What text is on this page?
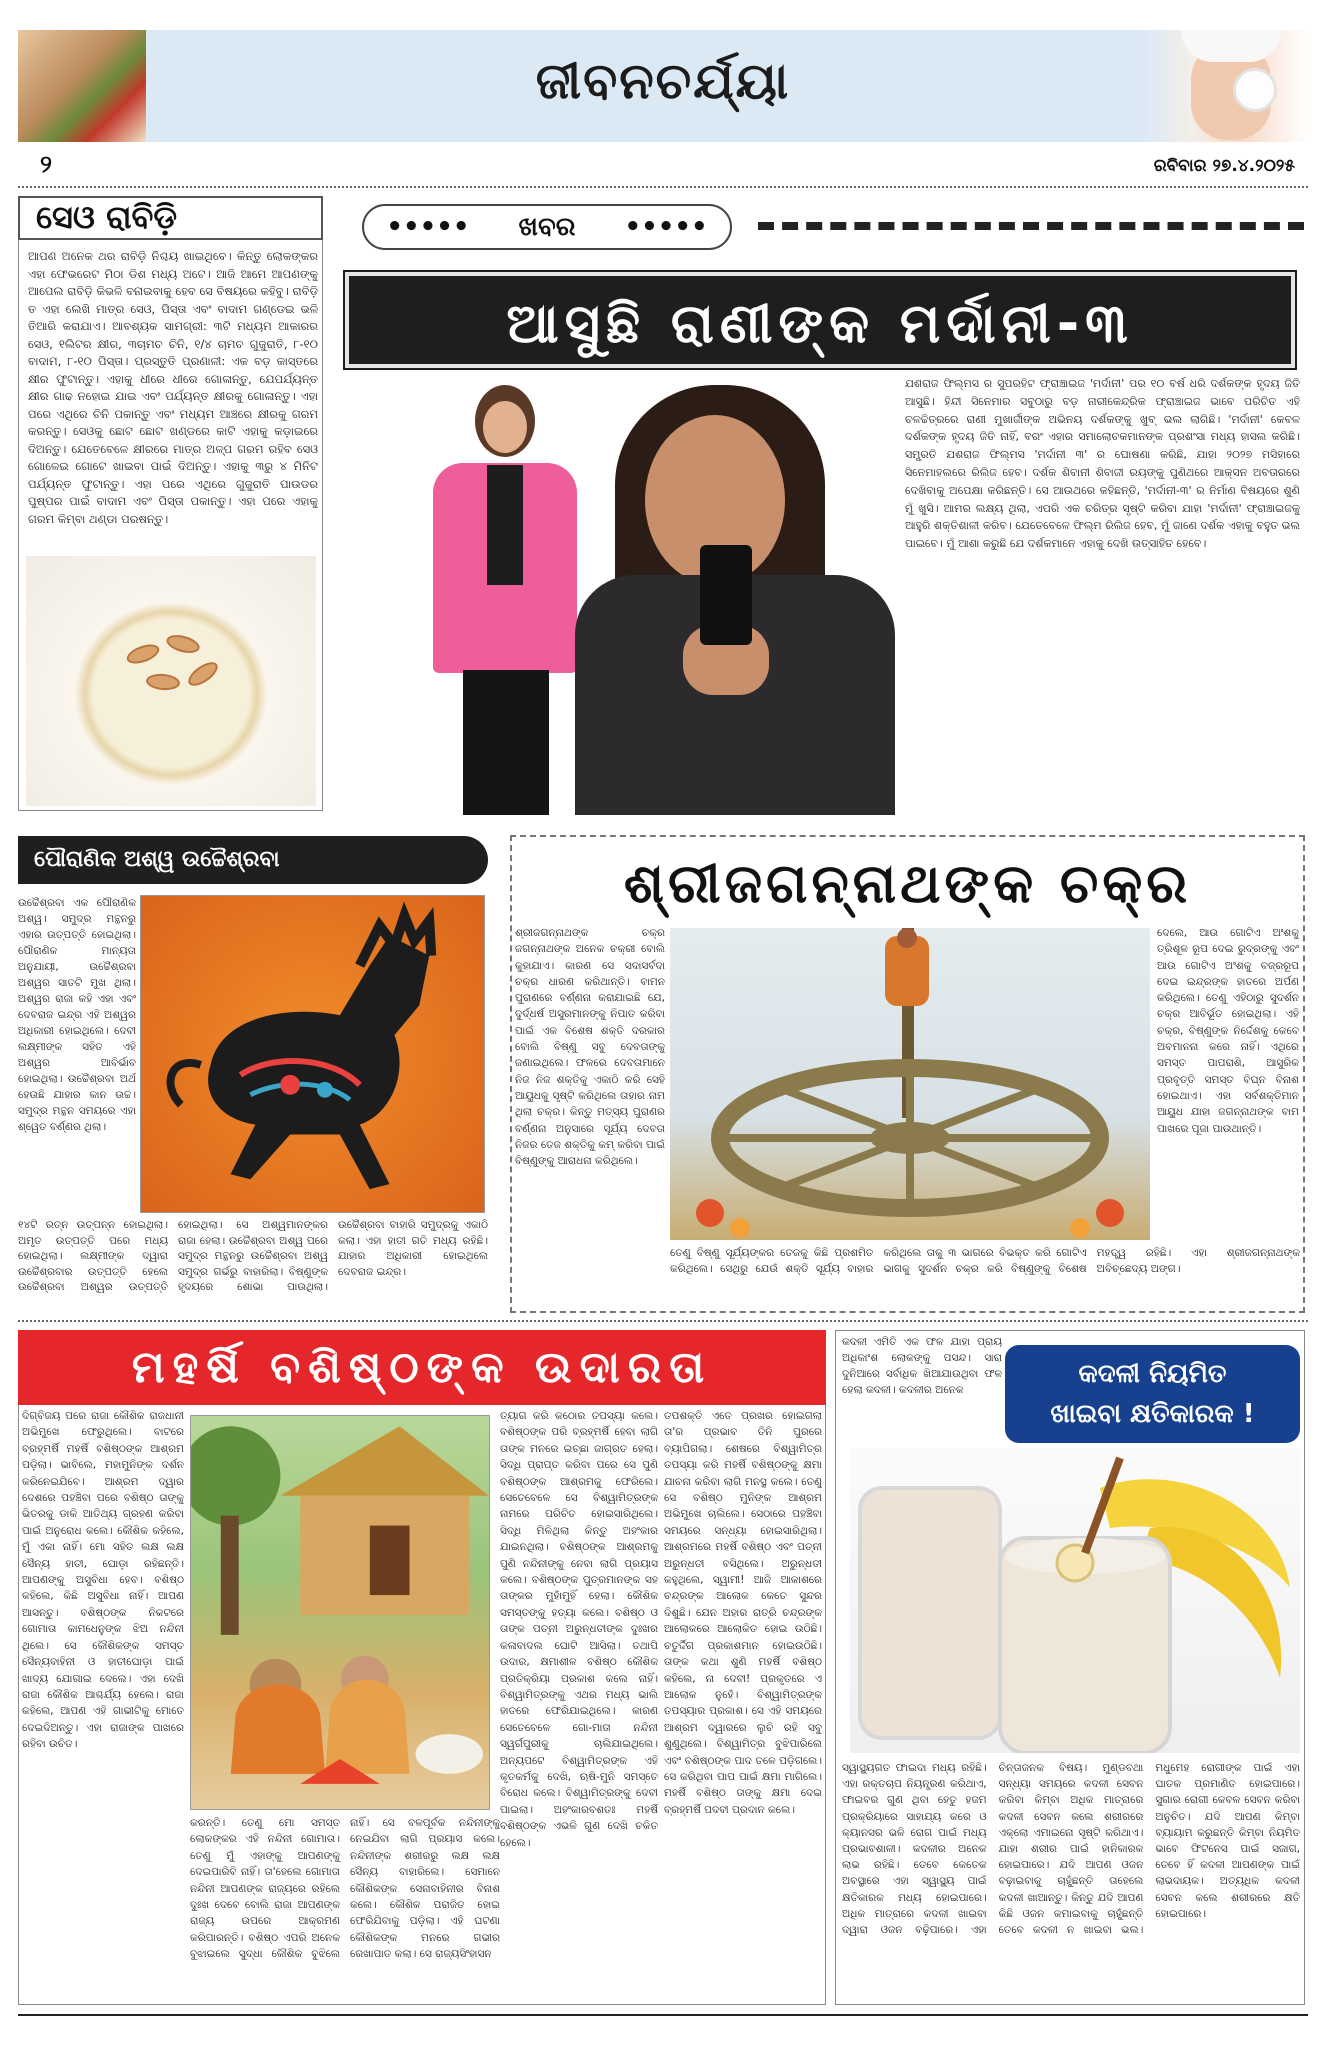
ଜୀବନଚର୍ଯ୍ୟା
୨	ରବିବାର ୨୭.୪.୨୦୨୫
ସେଓ ରାବିଡ଼ି
ଆପଣ ଅନେକ ଥର ରାବିଡ଼ି ନିଶ୍ଚୟ ଖାଇଥିବେ। କିନ୍ତୁ ଲୋକଙ୍କର ଏହା ଫେଭରେଟ ମିଠା ଡିଶ ମଧ୍ୟ ଅଟେ। ଆଜି ଆମେ ଆପଣଙ୍କୁ ଆପେଲ ରାବିଡ଼ି କିଭଳି ବନାଇବାକୁ ହେବ ସେ ବିଷୟରେ କହିବୁ। ରାବିଡ଼ି ତ ଏହା ଲେଖି ମାତ୍ର ସେଓ, ପିସ୍ତା ଏବଂ ବାଦାମ ଗଣ୍ଡେଇ ଭଳି ତିଆରି କରାଯାଏ। ଆବଶ୍ୟକ ସାମଗ୍ରୀ: ୩ଟି ମଧ୍ୟମ ଆକାରର ସେଓ, ୧ଲିଟର କ୍ଷୀର, ୩ଚାମଚ ଚିନି, ୧/୪ ଚାମଚ ଗୁଜୁରାତି, ୮-୧୦ ବାଦାମ, ୮-୧୦ ପିସ୍ତା। ପ୍ରସ୍ତୁତି ପ୍ରଣାଳୀ: ଏକ ବଡ଼ କାସ୍ତରେ କ୍ଷୀର ଫୁଟାନ୍ତୁ। ଏହାକୁ ଧୀରେ ଧୀରେ ଗୋଳାନ୍ତୁ, ଯେପର୍ଯ୍ୟନ୍ତ କ୍ଷୀର ଗାଢ ନହୋଇ ଯାଇ ଏବଂ ପର୍ଯ୍ୟନ୍ତ କ୍ଷୀରକୁ ଗୋଳାନ୍ତୁ। ଏହା ପରେ ଏଥିରେ ଚିନି ପକାନ୍ତୁ ଏବଂ ମଧ୍ୟମ ଆଞ୍ଚରେ କ୍ଷୀରକୁ ଗରମ କରନ୍ତୁ। ସେଓକୁ ଛୋଟ ଛୋଟ ଖଣ୍ଡରେ କାଟି ଏହାକୁ କଡ଼ାଇରେ ଦିଅନ୍ତୁ। ଯେତେବେଳେ କ୍ଷୀରରେ ମାତ୍ର ଅଳ୍ପ ଗରମ ରହିବ ସେଓ ଗୋଳେଇ ଗୋଟେ ଖାଇବା ପାଇଁ ଦିଅନ୍ତୁ। ଏହାକୁ ୩ରୁ ୪ ମିନିଟ ପର୍ଯ୍ୟନ୍ତ ଫୁଟାନ୍ତୁ। ଏହା ପରେ ଏଥିରେ ଗୁଜୁରାତି ପାଉଡର ପୁଷ୍ପର ପାଇଁ ବାଦାମ ଏବଂ ପିସ୍ତା ପକାନ୍ତୁ। ଏହା ପରେ ଏହାକୁ ଗରମ କିମ୍ବା ଥଣ୍ଡା ପରଷନ୍ତୁ।
••••• ଖବର •••••
ଆସୁଛି ରାଣୀଙ୍କ ମର୍ଦାନୀ-୩
ଯଶରାଜ ଫିଲ୍ମସ ର ସୁପରହିଟ ଫ୍ରାଞ୍ଚାଇଜ 'ମର୍ଦାନୀ' ପର ୧୦ ବର୍ଷ ଧରି ଦର୍ଶକଙ୍କ ହୃଦୟ ଜିତି ଆସୁଛି। ହିନ୍ଦୀ ସିନେମାର ସବୁଠାରୁ ବଡ଼ ନାରୀକେନ୍ଦ୍ରିକ ଫ୍ରାଞ୍ଚାଇଜ ଭାବେ ପରିଚିତ ଏହି ଚଳଚ୍ଚିତ୍ରରେ ରାଣୀ ମୁଖାର୍ଜୀଙ୍କ ଅଭିନୟ ଦର୍ଶକଙ୍କୁ ଖୁବ୍ ଭଲ ଲାଗିଛି। 'ମର୍ଦାନୀ' କେବଳ ଦର୍ଶକଙ୍କ ହୃଦୟ ଜିତି ନାହିଁ, ବରଂ ଏହାର ସମାଲୋଚକମାନଙ୍କ ପ୍ରଶଂସା ମଧ୍ୟ ହାସଲ କରିଛି। ସମ୍ପ୍ରତି ଯଶରାଜ ଫିଲ୍ମସ 'ମର୍ଦାନୀ ୩' ର ଘୋଷଣା କରିଛି, ଯାହା ୨୦୨୭ ମସିହାରେ ସିନେମାହଲରେ ରିଲିଜ ହେବ। ଦର୍ଶକ ଶିବାନୀ ଶିବାଜୀ ରୟଙ୍କୁ ପୁଣିଥରେ ଆକ୍ସନ ଅବତାରରେ ଦେଖିବାକୁ ଅପେକ୍ଷା କରିଛନ୍ତି। ସେ ଆଉଥରେ କହିଛନ୍ତି, 'ମର୍ଦାନୀ-୩' ର ନିର୍ମାଣ ବିଷୟରେ ଶୁଣି ମୁଁ ଖୁସି। ଆମର ଲକ୍ଷ୍ୟ ଥିଲା, ଏପରି ଏକ ଚରିତ୍ର ସୃଷ୍ଟି କରିବା ଯାହା 'ମର୍ଦାନୀ' ଫ୍ରାଞ୍ଚାଇଜକୁ ଆହୁରି ଶକ୍ତିଶାଳୀ କରିବ। ଯେତେବେଳେ ଫିଲ୍ମ ରିଲିଜ ହେବ, ମୁଁ ଜାଣେ ଦର୍ଶକ ଏହାକୁ ବହୁତ ଭଲ ପାଇବେ। ମୁଁ ଆଶା କରୁଛି ଯେ ଦର୍ଶକମାନେ ଏହାକୁ ଦେଖି ଉତ୍ସାହିତ ହେବେ।
ପୌରାଣିକ ଅଶ୍ୱ ଉଚ୍ଚୈଶ୍ରବା
ଉଚ୍ଚୈଶ୍ରବା ଏକ ପୌରାଣିକ ଅଶ୍ୱ। ସମୁଦ୍ର ମନ୍ଥନରୁ ଏହାର ଉତ୍ପତ୍ତି ହୋଇଥିଲା। ପୌରାଣିକ ମାନ୍ୟତା ଅନୁଯାୟୀ, ଉଚ୍ଚୈଶ୍ରବା ଅଶ୍ୱର ସାତଟି ମୁଖ ଥିଲା। ଅଶ୍ୱର ରାଜା କହି ଏହା ଏବଂ ଦେବରାଜ ଇନ୍ଦ୍ର ଏହି ଅଶ୍ୱର ଅଧିକାରୀ ହୋଇଥିଲେ। ଦେବୀ ଲକ୍ଷ୍ମୀଙ୍କ ସହିତ ଏହି ଅଶ୍ୱର ଆବିର୍ଭାବ ହୋଇଥିଲା। ଉଚ୍ଚୈଶ୍ରବା ଅର୍ଥ ହେଉଛି ଯାହାର କାନ ଉଚ୍ଚ। ସମୁଦ୍ର ମନ୍ଥନ ସମୟରେ ଏହା ଶ୍ୱେତ ବର୍ଣ୍ଣର ଥିଲା।
୧୪ଟି ରତ୍ନ ଉତ୍ପନ୍ନ ହୋଇଥିଲା। ଅମୃତ ଉତ୍ପତ୍ତି ପରେ ମଧ୍ୟ ହୋଇଥିଲା। ଲକ୍ଷ୍ମୀଙ୍କ ଦ୍ୱାରା ଉଚ୍ଚୈଶ୍ରବାର ଉତ୍ପତ୍ତି ହେଲେ ଉଚ୍ଚୈଶ୍ରବା ଅଶ୍ୱର ଉତ୍ପତ୍ତି ହୋଇଥିଲା। ସେ ଅଶ୍ୱମାନଙ୍କର ରାଜା ହେଲା। ଉଚ୍ଚୈଶ୍ରବା ଅଶ୍ୱ ପରେ ସମୁଦ୍ର ମନ୍ଥନରୁ ଉଚ୍ଚୈଶ୍ରବା ଅଶ୍ୱ ସମୁଦ୍ର ଗର୍ଭରୁ ବାହାରିଲା। ବିଷ୍ଣୁଙ୍କ ହୃଦୟରେ ଶୋଭା ପାଉଥିଲା। ଉଚ୍ଚୈଶ୍ରବା ବାହାରି ସମୁଦ୍ରକୁ ଏକାଠି କଲା। ଏହା ହାତୀ ଗତି ମଧ୍ୟ ରହିଛି। ଯାହାର ଅଧିକାରୀ ହୋଇଥିଲେ ଦେବରାଜ ଇନ୍ଦ୍ର।
ଶ୍ରୀଜଗନ୍ନାଥଙ୍କ ଚକ୍ର
ଶ୍ରୀଜଗନ୍ନାଥଙ୍କ ଚକ୍ର ଜଗନ୍ନାଥଙ୍କ ଅନେକ ଚକ୍ରୀ ବୋଲି କୁହାଯାଏ। କାରଣ ସେ ସଦାସର୍ବଦା ଚକ୍ର ଧାରଣ କରିଥାନ୍ତି। ବାମନ ପୁରାଣରେ ବର୍ଣ୍ଣନା କରାଯାଇଛି ଯେ, ଦୁର୍ଦ୍ଧର୍ଷ ଅସୁରମାନଙ୍କୁ ନିପାତ କରିବା ପାଇଁ ଏକ ବିଶେଷ ଶକ୍ତି ଦରକାର ବୋଲି ବିଷ୍ଣୁ ସବୁ ଦେବତାଙ୍କୁ ଜଣାଇଥିଲେ। ଫଳରେ ଦେବତାମାନେ ନିଜ ନିଜ ଶକ୍ତିକୁ ଏକାଠି କରି ସେହି ଆୟୁଧକୁ ସୃଷ୍ଟି କରିଥିଲେ ତାହାର ନାମ ଥିଲା ଚକ୍ର। କିନ୍ତୁ ମତ୍ସ୍ୟ ପୁରାଣର ବର୍ଣ୍ଣନା ଅନୁସାରେ ସୂର୍ଯ୍ୟ ଦେବତା ନିଜର ତେଜ ଶକ୍ତିକୁ କମ୍ କରିବା ପାଇଁ ବିଷ୍ଣୁଙ୍କୁ ଆରାଧନା କରିଥିଲେ।
ଦେଲେ, ଆଉ ଗୋଟିଏ ଅଂଶକୁ ତ୍ରିଶୂଳ ରୂପ ଦେଇ ରୁଦ୍ରଙ୍କୁ ଏବଂ ଆଉ ଗୋଟିଏ ଅଂଶକୁ ବଜ୍ରରୂପ ଦେଇ ଇନ୍ଦ୍ରଙ୍କ ହାତରେ ଅର୍ପଣ କରିଥିଲେ। ତେଣୁ ଏହିଠାରୁ ସୁଦର୍ଶନ ଚକ୍ର ଆବିର୍ଭୂତ ହୋଇଥିଲା। ଏହି ଚକ୍ର, ବିଷ୍ଣୁଙ୍କ ନିର୍ଦ୍ଦେଶକୁ କେବେ ଅବମାନନା କରେ ନାହିଁ। ଏଥିରେ ସମସ୍ତ ପାପରାଶି, ଆସୁରିକ ପ୍ରବୃତ୍ତି ସମସ୍ତ ବିଘ୍ନ ବିନାଶ ହୋଇଥାଏ। ଏହା ସର୍ବଶକ୍ତିମାନ ଆୟୁଧ ଯାହା ଜଗନ୍ନାଥଙ୍କ ବାମ ପାଖରେ ପୂଜା ପାଉଥାନ୍ତି।
ତେଣୁ ବିଷ୍ଣୁ ସୂର୍ଯ୍ୟଙ୍କର ତେଜକୁ କିଛି ପ୍ରଶମିତ କରିଥିଲେ। ସେଥିରୁ ଯେଉଁ ଶକ୍ତି ସୂର୍ଯ୍ୟ ବାହାର କରିଥିଲେ ତାକୁ ୩ ଭାଗରେ ବିଭକ୍ତ କରି ଗୋଟିଏ ଭାଗକୁ ସୁଦର୍ଶନ ଚକ୍ର କରି ବିଷ୍ଣୁଙ୍କୁ ବିଶେଷ ମହତ୍ତ୍ୱ ରହିଛି। ଏହା ଶ୍ରୀଜଗନ୍ନାଥଙ୍କ ଅବିଚ୍ଛେଦ୍ୟ ଅଙ୍ଗ।
ମହର୍ଷି ବଶିଷ୍ଠଙ୍କ ଉଦାରତା
ଦିଗ୍ବିଜୟ ପରେ ରାଜା କୌଶିକ ରାଜଧାନୀ ଅଭିମୁଖେ ଫେରୁଥିଲେ। ବାଟରେ ବ୍ରହ୍ମର୍ଷି ମହର୍ଷି ବଶିଷ୍ଠଙ୍କ ଆଶ୍ରମ ପଡ଼ିଲା। ଭାବିଲେ, ମହାମୁନିଙ୍କ ଦର୍ଶନ କରିନେଇଯିବେ। ଆଶ୍ରମ ଦ୍ୱାର ଦେଶରେ ପହଞ୍ଚିବା ପରେ ବଶିଷ୍ଠ ତାଙ୍କୁ ଭିତରକୁ ଡାକି ଆତିଥ୍ୟ ଗ୍ରହଣ କରିବା ପାଇଁ ଅନୁରୋଧ କଲେ। କୌଶିକ କହିଲେ, ମୁଁ ଏକା ନାହିଁ। ମୋ ସହିତ ଲକ୍ଷ ଲକ୍ଷ ସୈନ୍ୟ ହାତୀ, ଘୋଡ଼ା ରହିଛନ୍ତି। ଆପଣଙ୍କୁ ଅସୁବିଧା ହେବ। ବଶିଷ୍ଠ କହିଲେ, କିଛି ଅସୁବିଧା ନାହିଁ। ଆପଣ ଆସନ୍ତୁ। ବଶିଷ୍ଠଙ୍କ ନିକଟରେ ଗୋମାତା କାମଧେନୁଙ୍କ ଝିଅ ନନ୍ଦିନୀ ଥିଲେ। ସେ କୌଶିକଙ୍କ ସମସ୍ତ ସୈନ୍ୟବାହିନୀ ଓ ହାତୀଘୋଡ଼ା ପାଇଁ ଖାଦ୍ୟ ଯୋଗାଇ ଦେଲେ। ଏହା ଦେଖି ରାଜା କୌଶିକ ଆଶ୍ଚର୍ଯ୍ୟ ହେଲେ। ରାଜା କହିଲେ, ଆପଣ ଏହି ଗାଭୀଟିକୁ ମୋତେ ଦେଇଦିଅନ୍ତୁ। ଏହା ରାଜାଙ୍କ ପାଖରେ ରହିବା ଉଚିତ।
କରନ୍ତି। ତେଣୁ ମୋ ସମସ୍ତ ଲୋକଙ୍କର ଏହି ନନ୍ଦିନୀ ଗୋମାତା। ତେଣୁ ମୁଁ ଏହାଙ୍କୁ ଆପଣଙ୍କୁ ଦେଇପାରିବି ନାହିଁ। ତା'ହେଲେ ଗୋମାତା ନନ୍ଦିନୀ ଆପଣଙ୍କ ରାଜ୍ୟରେ ରହିଲେ ଦୁଃଖ ଦେବେ ବୋଲି ରାଜା ଆପଣଙ୍କ ରାଜ୍ୟ ଉପରେ ଆକ୍ରମଣ କରିପାରନ୍ତି। ବଶିଷ୍ଠ ଏପରି ଅନେକ ବୁଝାଇଲେ ସୁଦ୍ଧା କୌଶିକ ବୁଝିଲେ ନାହିଁ। ସେ ବଳପୂର୍ବକ ନନ୍ଦିନୀଙ୍କୁ ନେଇଯିବା ଲାଗି ପ୍ରୟାସ କଲେ। ନନ୍ଦିନୀଙ୍କ ଶରୀରରୁ ଲକ୍ଷ ଲକ୍ଷ ସୈନ୍ୟ ବାହାରିଲେ। ସେମାନେ କୌଶିକଙ୍କ ସେନାବାହିନୀର ବିନାଶ କଲେ। କୌଶିକ ପରାଜିତ ହୋଇ ଫେରିଯିବାକୁ ପଡ଼ିଲା। ଏହି ଘଟଣା କୌଶିକଙ୍କ ମନରେ ଗଭୀର ରେଖାପାତ କଲା। ସେ ରାଜ୍ୟସିଂହାସନ
ତ୍ୟାଗ କରି କଠୋର ତପସ୍ୟା କଲେ। ବଶିଷ୍ଠଙ୍କ ପରି ବ୍ରହ୍ମର୍ଷି ହେବା ଲାଗି ତାଙ୍କ ମନରେ ଇଚ୍ଛା ଜାଗ୍ରତ ହେଲା। ସିଦ୍ଧି ପ୍ରାପ୍ତ କରିବା ପରେ ସେ ପୁଣି ବଶିଷ୍ଠଙ୍କ ଆଶ୍ରମକୁ ଫେରିଲେ। ସେତେବେଳେ ସେ ବିଶ୍ୱାମିତ୍ରଙ୍କ ନାମରେ ପରିଚିତ ହୋଇସାରିଥିଲେ। ସିଦ୍ଧି ମିଳିଥିଲା କିନ୍ତୁ ଅହଂକାର ଯାଇନଥିଲା। ବଶିଷ୍ଠଙ୍କ ଆଶ୍ରମକୁ ପୁଣି ନନ୍ଦିନୀଙ୍କୁ ନେବା ଲାଗି ପ୍ରୟାସ କଲେ। ବଶିଷ୍ଠଙ୍କ ପୁତ୍ରମାନଙ୍କ ସହ ତାଙ୍କର ମୁହାଁମୁହିଁ ହେଲା। କୌଶିକ ସମସ୍ତଙ୍କୁ ହତ୍ୟା କଲେ। ବଶିଷ୍ଠ ଓ ତାଙ୍କ ପତ୍ନୀ ଅରୁନ୍ଧତୀଙ୍କ ଦୁଃଖର କଳାବାଦଲ ଘୋଟି ଆସିଲା। ତଥାପି ଉଦାର, କ୍ଷମାଶୀଳ ବଶିଷ୍ଠ କୌଶିକ ପ୍ରତିକ୍ରିୟା ପ୍ରକାଶ କଲେ ନାହିଁ। ବିଶ୍ୱାମିତ୍ରଙ୍କୁ ଏଥର ମଧ୍ୟ ଭାଲି ହାତରେ ଫେରିଯାଇଥିଲେ। କାରଣ ସେତେବେଳେ ଗୋ-ମାତା ନନ୍ଦିନୀ ସ୍ୱର୍ଗପୁରୀକୁ ଚାଲିଯାଇଥିଲେ। ଅନ୍ୟପଟେ ବିଶ୍ୱାମିତ୍ରଙ୍କ ଏହି କୃତକର୍ମକୁ ଦେଖି, ଋଷି-ମୁନି ସମସ୍ତେ ବିରୋଧ କଲେ। ବିଶ୍ୱାମିତ୍ରଙ୍କୁ ଦେବୀ ପାଇଲା। ଅହଂକାରବଶତଃ ମହର୍ଷି ବଶିଷ୍ଠଙ୍କ ଏଭଳି ଗୁଣ ଦେଖି ଚକିତ ହେଲେ।
ତପଶକ୍ତି ଏତେ ପ୍ରଖର ହୋଇଗଲା ତା'ର ପ୍ରଭାବ ତିନି ପୁରରେ ବ୍ୟାପିଗଲା। ଶେଷରେ ବିଶ୍ୱାମିତ୍ର ତପସ୍ୟା କରି ମହର୍ଷି ବଶିଷ୍ଠଙ୍କୁ କ୍ଷମା ଯାଚନା କରିବା ଲାଗି ମନସ୍ଥ କଲେ। ତେଣୁ ସେ ବଶିଷ୍ଠ ମୁନିଙ୍କ ଆଶ୍ରମ ଅଭିମୁଖେ ଚାଲିଲେ। ସେଠାରେ ପହଞ୍ଚିବା ସମୟରେ ସନ୍ଧ୍ୟା ହୋଇସାରିଥିଲା। ଆଶ୍ରମରେ ମହର୍ଷି ବଶିଷ୍ଠ ଏବଂ ପତ୍ନୀ ଅରୁନ୍ଧତୀ ବସିଥିଲେ। ଅରୁନ୍ଧତୀ କହୁଥିଲେ, ସ୍ୱାମୀ! ଆଜି ଆକାଶରେ ଚନ୍ଦ୍ରଙ୍କ ଆଲୋକ କେତେ ସୁନ୍ଦର ଦିଶୁଛି। ଯେନ ଅହାର ରାତ୍ରି ଚନ୍ଦ୍ରଙ୍କ ଆଲୋକରେ ଆଲୋକିତ ହୋଇ ଉଠିଛି। ଚତୁର୍ଦ୍ଦିଗ ପ୍ରକାଶମାନ ହୋଇଉଠିଛି। ତାଙ୍କ କଥା ଶୁଣି ମହର୍ଷି ବଶିଷ୍ଠ କହିଲେ, ନା ଦେବୀ! ପ୍ରକୃତରେ ଏ ଆଲୋକ ନୁହେଁ। ବିଶ୍ୱାମିତ୍ରଙ୍କ ତପସ୍ୟାର ପ୍ରକାଶ। ସେ ଏହି ସମୟରେ ଆଶ୍ରମ ଦ୍ୱାରରେ ଲୁଚି ରହି ସବୁ ଶୁଣୁଥିଲେ। ବିଶ୍ୱାମିତ୍ର ବୁଝିପାରିଲେ ଏବଂ ବଶିଷ୍ଠଙ୍କ ପାଦ ତଳେ ପଡ଼ିଗଲେ। ସେ କରିଥିବା ପାପ ପାଇଁ କ୍ଷମା ମାଗିଲେ। ମହର୍ଷି ବଶିଷ୍ଠ ତାଙ୍କୁ କ୍ଷମା ଦେଇ ବ୍ରହ୍ମର୍ଷି ପଦବୀ ପ୍ରଦାନ କଲେ।
କଦଳୀ ଏମିତି ଏକ ଫଳ ଯାହା ପ୍ରାୟ ଅଧିକାଂଶ ଲୋକଙ୍କୁ ପସନ୍ଦ। ସାରା ଦୁନିଆରେ ସର୍ବାଧିକ ଖିଆଯାଉଥିବା ଫଳ ହେଲା କଦଳୀ। କଦଳୀର ଅନେକ
କଦଳୀ ନିୟମିତ
ଖାଇବା କ୍ଷତିକାରକ !
ସ୍ୱାସ୍ଥ୍ୟଗତ ଫାଇଦା ମଧ୍ୟ ରହିଛି। ଏହା ରକ୍ତଚାପ ନିୟନ୍ତ୍ରଣ କରିଥାଏ, ଫାଇବର ଗୁଣ ଥିବା ହେତୁ ହଜମ ପ୍ରକ୍ରିୟାରେ ସାହାଯ୍ୟ କରେ ଓ କ୍ୟାନସର ଭଳି ରୋଗ ପାଇଁ ମଧ୍ୟ ପ୍ରଭାବଶାଳୀ। କଦଳୀର ଅନେକ ଲାଭ ରହିଛି। ତେବେ କେତେକ ଅବସ୍ଥାରେ ଏହା ସ୍ୱାସ୍ଥ୍ୟ ପାଇଁ କ୍ଷତିକାରକ ମଧ୍ୟ ହୋଇପାରେ। ଅଧିକ ମାତ୍ରାରେ କଦଳୀ ଖାଇବା ଦ୍ୱାରା ଓଜନ ବଢ଼ିପାରେ। ଏହା ଚିନ୍ତାଜନକ ବିଷୟ। ମୁଣ୍ଡବଥା ସନ୍ଧ୍ୟା ସମୟରେ କଦଳୀ ସେବନ କରିବା କିମ୍ବା ଅଧିକ ମାତ୍ରାରେ କଦଳୀ ସେବନ କଲେ ଶରୀରରେ ଏକ୍ଲୋ ଏମାଇନୋ ସୃଷ୍ଟି କରିଥାଏ। ଯାହା ଶରୀର ପାଇଁ ହାନିକାରକ ହୋଇପାରେ। ଯଦି ଆପଣ ଓଜନ ବଢ଼ାଇବାକୁ ଚାହୁଁଛନ୍ତି ତାହେଲେ କଦଳୀ ଖାଆନ୍ତୁ। କିନ୍ତୁ ଯଦି ଆପଣ କିଛି ଓଜନ କମାଇବାକୁ ଚାହୁଁଛନ୍ତି ତେବେ କଦଳୀ ନ ଖାଇବା ଭଲ। ମଧୁମେହ ରୋଗୀଙ୍କ ପାଇଁ ଏହା ଘାତକ ପ୍ରମାଣିତ ହୋଇପାରେ। ସୁଗାର ରୋଗୀ କେବଳ ସେବନ କରିବା ଅନୁଚିତ। ଯଦି ଆପଣ କିମ୍ବା ବ୍ୟାୟାମ କରୁଛନ୍ତି କିମ୍ବା ନିୟମିତ ଭାବେ ଫିଟନେସ ପାଇଁ ସଜାଗ, ତେବେ ହିଁ କଦଳୀ ଆପଣଙ୍କ ପାଇଁ ଲାଭଦାୟକ। ଅତ୍ୟଧିକ କଦଳୀ ସେବନ କଲେ ଶରୀରରେ କ୍ଷତି ହୋଇପାରେ।
